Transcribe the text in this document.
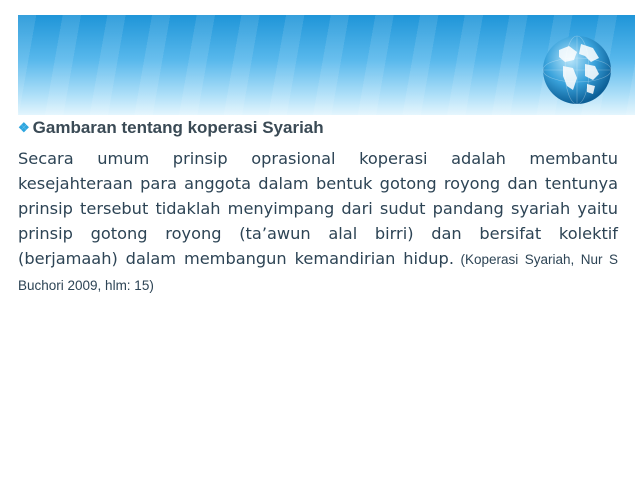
❖ Gambaran tentang koperasi Syariah

Secara umum prinsip oprasional koperasi adalah membantu kesejahteraan para anggota dalam bentuk gotong royong dan tentunya prinsip tersebut tidaklah menyimpang dari sudut pandang syariah yaitu prinsip gotong royong (ta’awun alal birri) dan bersifat kolektif (berjamaah) dalam membangun kemandirian hidup. (Koperasi Syariah, Nur S Buchori 2009, hlm: 15)
